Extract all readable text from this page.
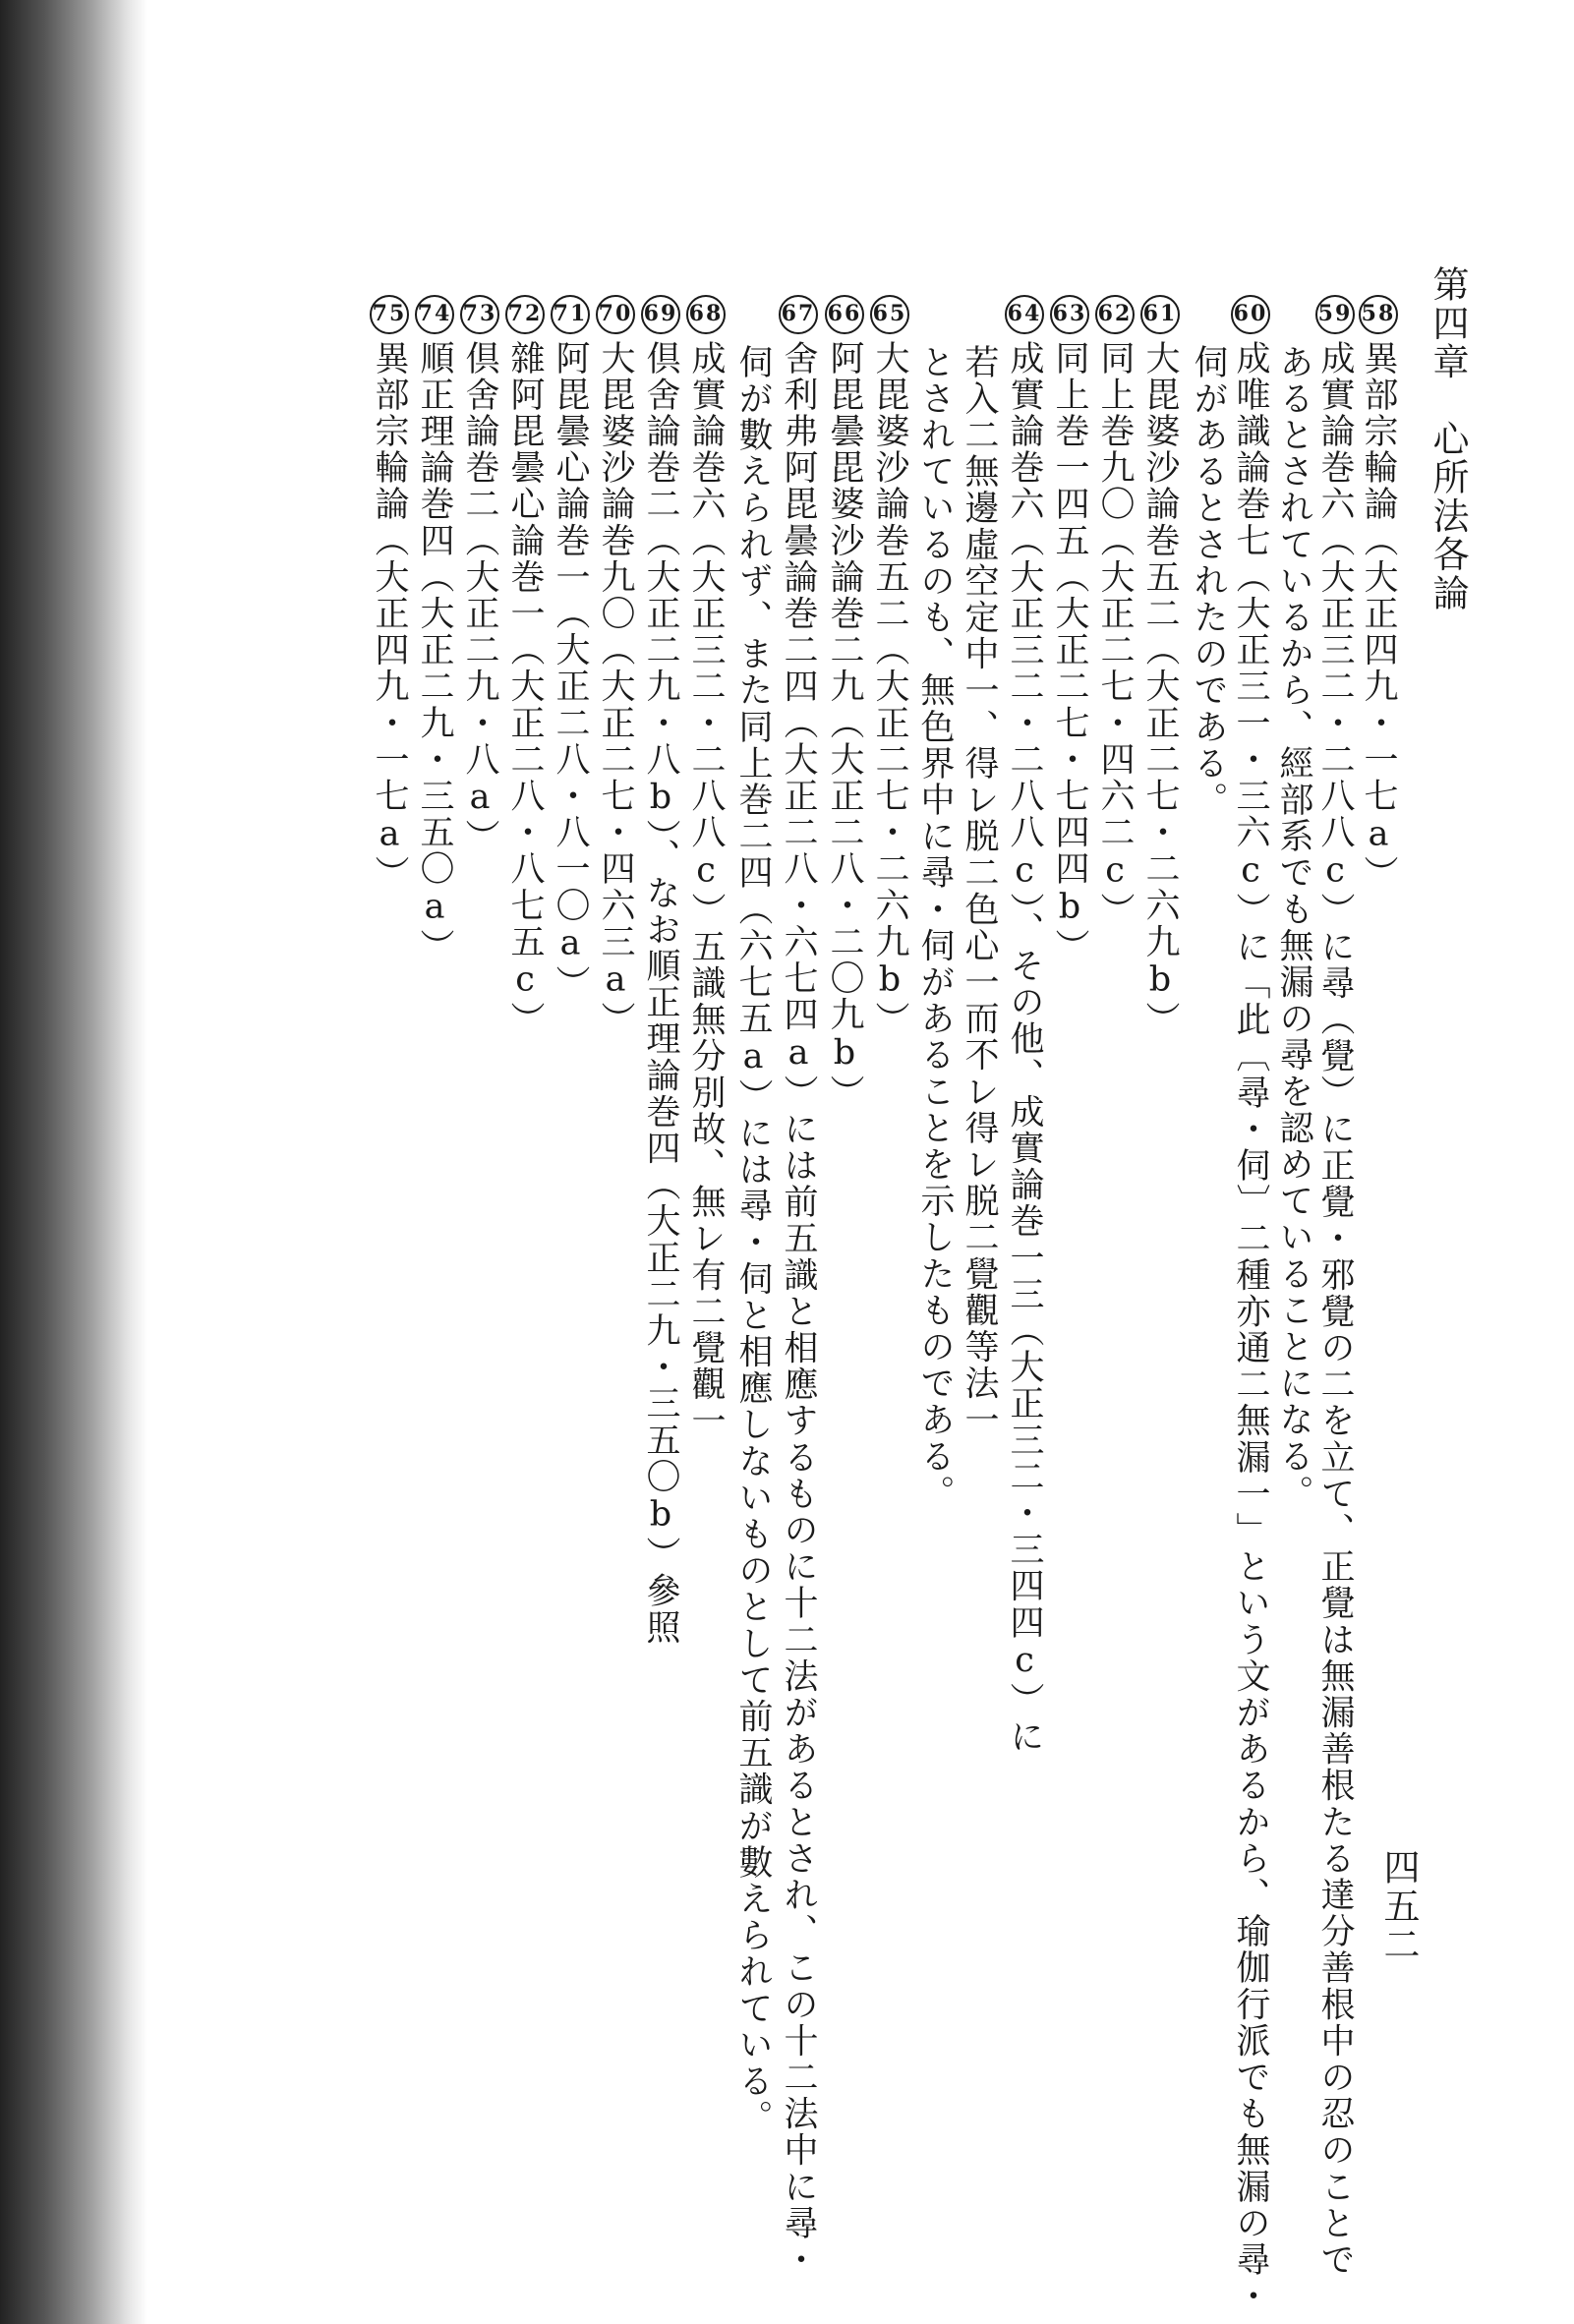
第四章　心所法各論
四五二
58異部宗輪論（大正四九・一七a）
59成實論巻六（大正三二・二八八c）に尋（覺）に正覺・邪覺の二を立て、正覺は無漏善根たる達分善根中の忍のことで
あるとされているから、經部系でも無漏の尋を認めていることになる。
60成唯識論巻七（大正三一・三六c）に「此〔尋・伺〕二種亦通二無漏一」という文があるから、瑜伽行派でも無漏の尋・
伺があるとされたのである。
61大毘婆沙論巻五二（大正二七・二六九b）
62同上巻九〇（大正二七・四六二c）
63同上巻一四五（大正二七・七四四b）
64成實論巻六（大正三二・二八八c）、その他、成實論巻一三（大正三二・三四四c）に
若入二無邊虛空定中一、得レ脱二色心一而不レ得レ脱二覺觀等法一
とされているのも、無色界中に尋・伺があることを示したものである。
65大毘婆沙論巻五二（大正二七・二六九b）
66阿毘曇毘婆沙論巻二九（大正二八・二〇九b）
67舍利弗阿毘曇論巻二四（大正二八・六七四a）には前五識と相應するものに十二法があるとされ、この十二法中に尋・
伺が數えられず、また同上巻二四（六七五a）には尋・伺と相應しないものとして前五識が數えられている。
68成實論巻六（大正三二・二八八c）五識無分別故、無レ有二覺觀一
69倶舍論巻二（大正二九・八b）、なお順正理論巻四（大正二九・三五〇b）參照
70大毘婆沙論巻九〇（大正二七・四六三a）
71阿毘曇心論巻一（大正二八・八一〇a）
72雜阿毘曇心論巻一（大正二八・八七五c）
73倶舍論巻二（大正二九・八a）
74順正理論巻四（大正二九・三五〇a）
75異部宗輪論（大正四九・一七a）
